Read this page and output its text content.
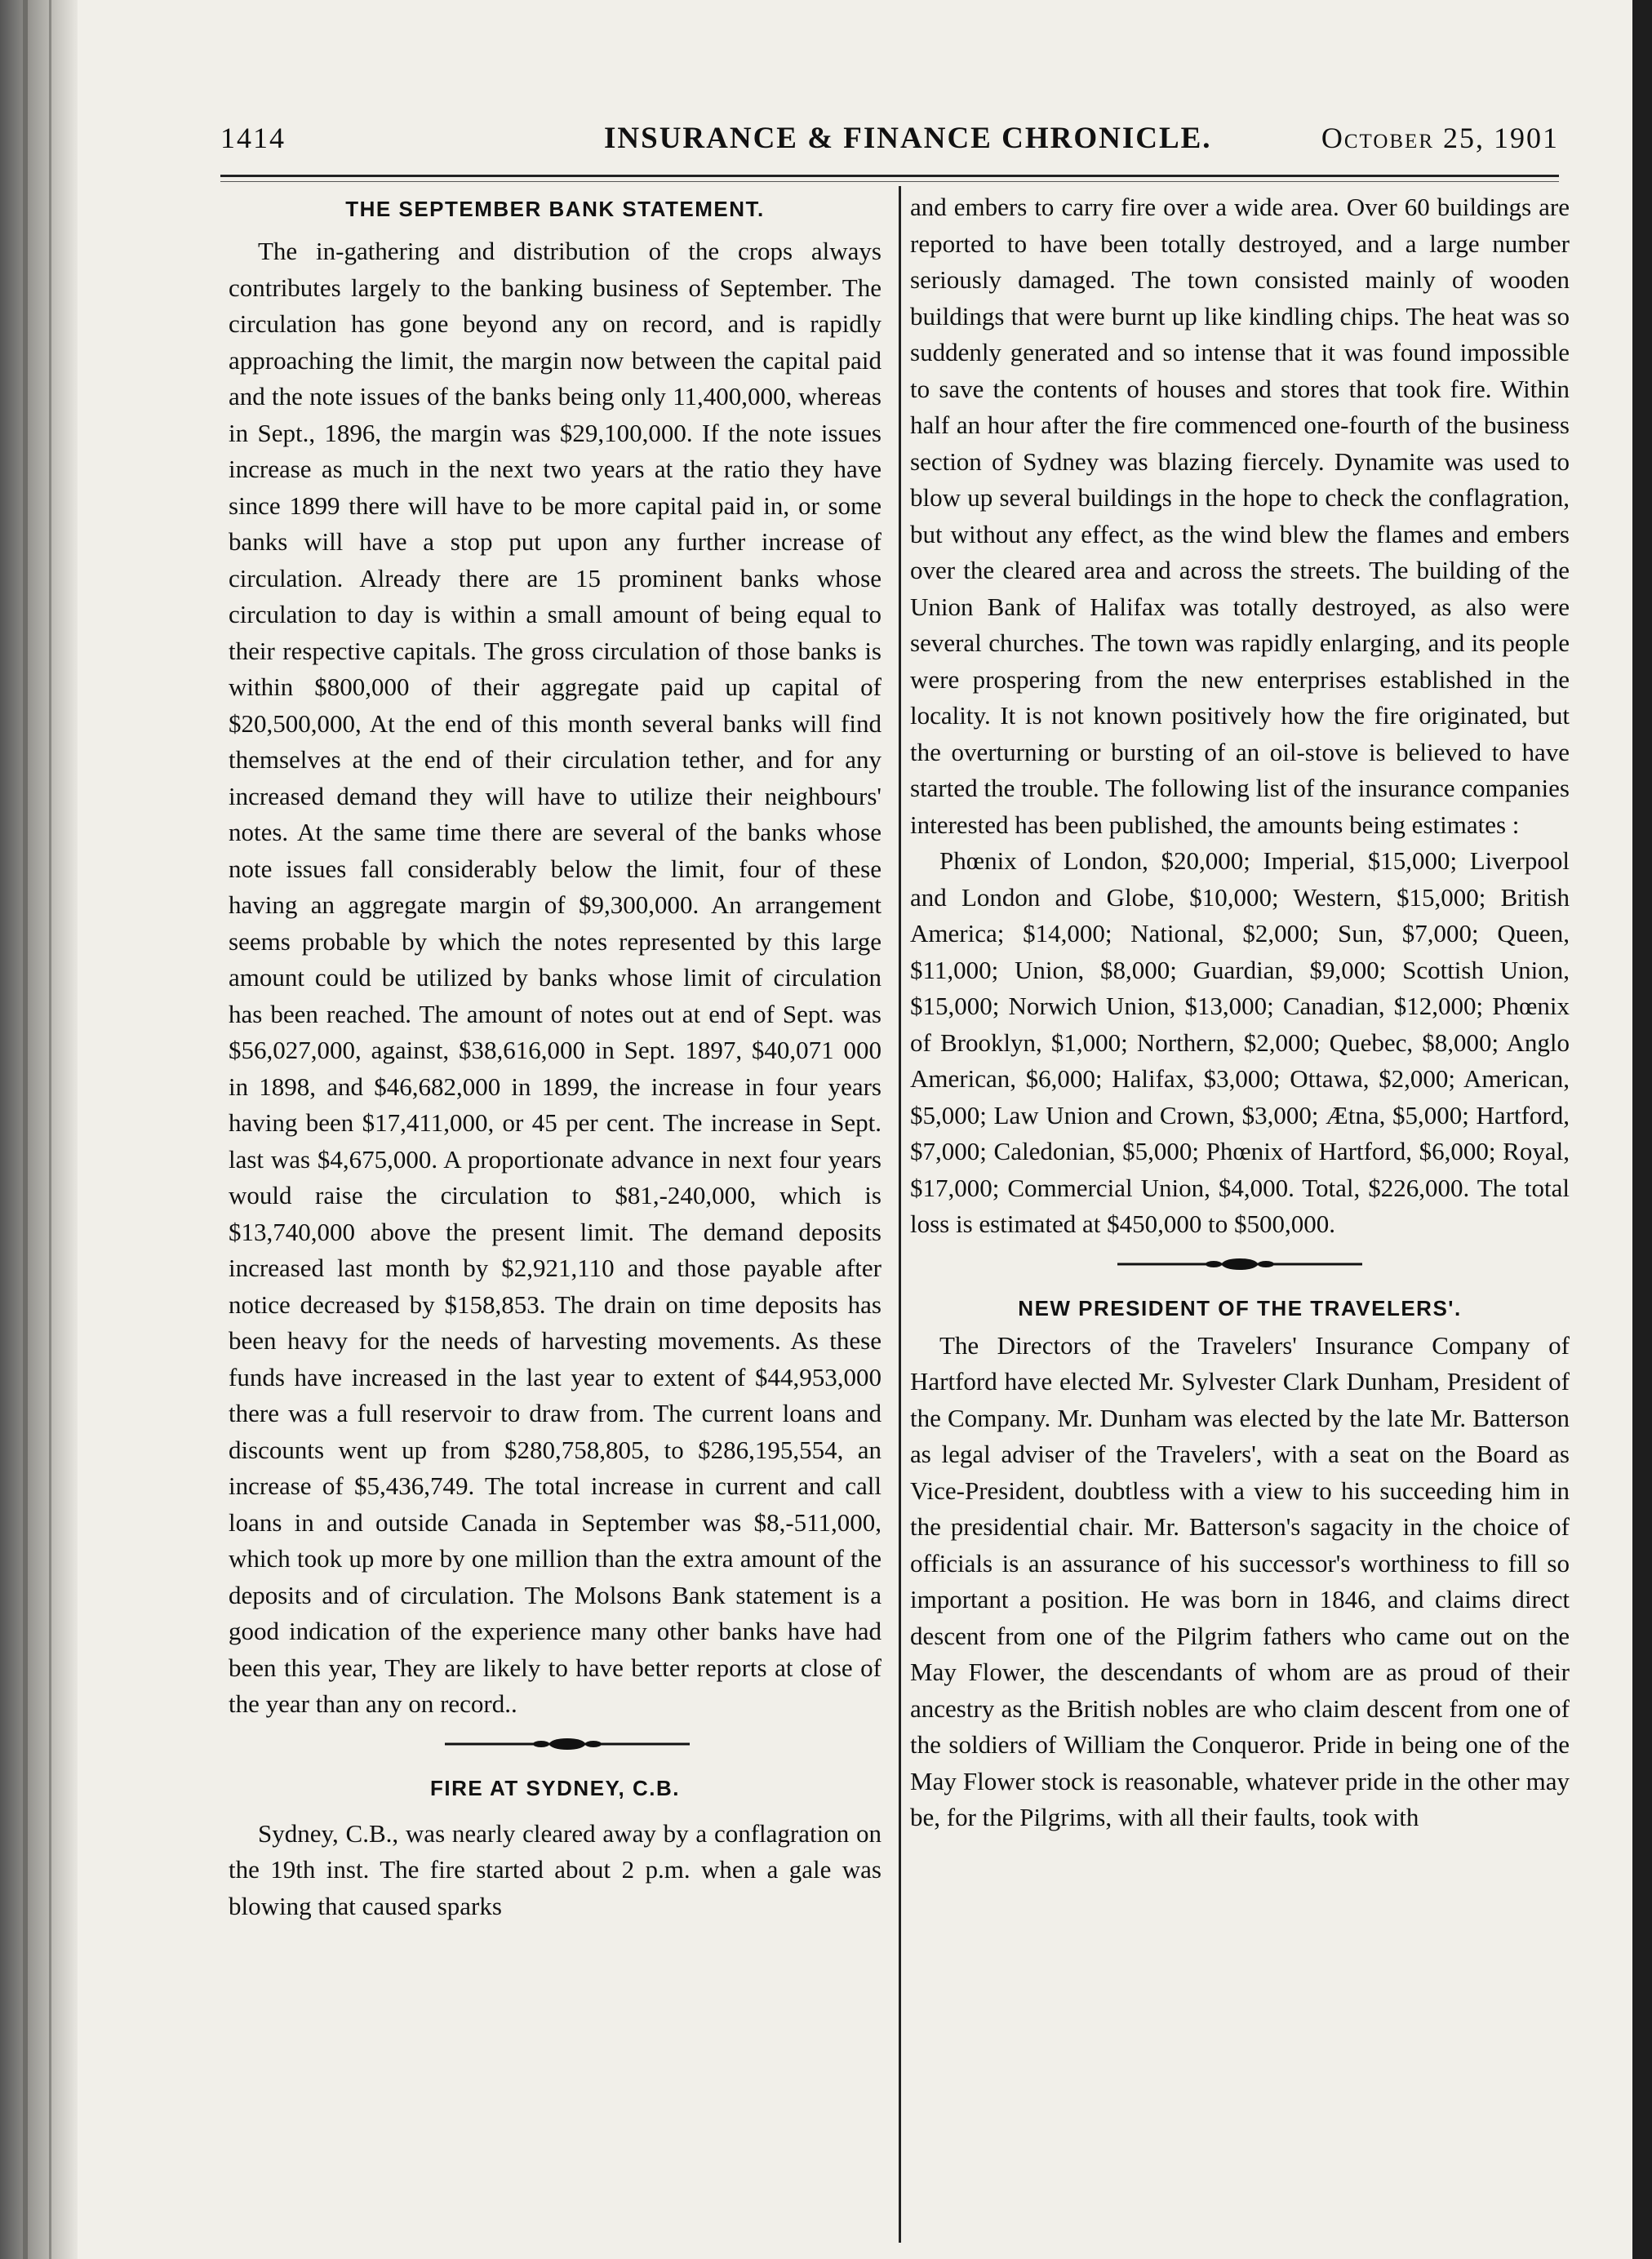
1414	INSURANCE & FINANCE CHRONICLE.	October 25, 1901
THE SEPTEMBER BANK STATEMENT.

The in-gathering and distribution of the crops always contributes largely to the banking business of September. The circulation has gone beyond any on record, and is rapidly approaching the limit, the margin now between the capital paid and the note issues of the banks being only 11,400,000, whereas in Sept., 1896, the margin was $29,100,000. If the note issues increase as much in the next two years at the ratio they have since 1899 there will have to be more capital paid in, or some banks will have a stop put upon any further increase of circulation. Already there are 15 prominent banks whose circulation to day is within a small amount of being equal to their respective capitals. The gross circulation of those banks is within $800,000 of their aggregate paid up capital of $20,500,000, At the end of this month several banks will find themselves at the end of their circulation tether, and for any increased demand they will have to utilize their neighbours' notes. At the same time there are several of the banks whose note issues fall considerably below the limit, four of these having an aggregate margin of $9,300,000. An arrangement seems probable by which the notes represented by this large amount could be utilized by banks whose limit of circulation has been reached. The amount of notes out at end of Sept. was $56,027,000, against, $38,616,000 in Sept. 1897, $40,071 000 in 1898, and $46,682,000 in 1899, the increase in four years having been $17,411,000, or 45 per cent. The increase in Sept. last was $4,675,000. A proportionate advance in next four years would raise the circulation to $81,-240,000, which is $13,740,000 above the present limit. The demand deposits increased last month by $2,921,110 and those payable after notice decreased by $158,853. The drain on time deposits has been heavy for the needs of harvesting movements. As these funds have increased in the last year to extent of $44,953,000 there was a full reservoir to draw from. The current loans and discounts went up from $280,758,805, to $286,195,554, an increase of $5,436,749. The total increase in current and call loans in and outside Canada in September was $8,-511,000, which took up more by one million than the extra amount of the deposits and of circulation. The Molsons Bank statement is a good indication of the experience many other banks have had been this year, They are likely to have better reports at close of the year than any on record..

FIRE AT SYDNEY, C.B.

Sydney, C.B., was nearly cleared away by a conflagration on the 19th inst. The fire started about 2 p.m. when a gale was blowing that caused sparks

and embers to carry fire over a wide area. Over 60 buildings are reported to have been totally destroyed, and a large number seriously damaged. The town consisted mainly of wooden buildings that were burnt up like kindling chips. The heat was so suddenly generated and so intense that it was found impossible to save the contents of houses and stores that took fire. Within half an hour after the fire commenced one-fourth of the business section of Sydney was blazing fiercely. Dynamite was used to blow up several buildings in the hope to check the conflagration, but without any effect, as the wind blew the flames and embers over the cleared area and across the streets. The building of the Union Bank of Halifax was totally destroyed, as also were several churches. The town was rapidly enlarging, and its people were prospering from the new enterprises established in the locality. It is not known positively how the fire originated, but the overturning or bursting of an oil-stove is believed to have started the trouble. The following list of the insurance companies interested has been published, the amounts being estimates :

Phœnix of London, $20,000; Imperial, $15,000; Liverpool and London and Globe, $10,000; Western, $15,000; British America; $14,000; National, $2,000; Sun, $7,000; Queen, $11,000; Union, $8,000; Guardian, $9,000; Scottish Union, $15,000; Norwich Union, $13,000; Canadian, $12,000; Phœnix of Brooklyn, $1,000; Northern, $2,000; Quebec, $8,000; Anglo American, $6,000; Halifax, $3,000; Ottawa, $2,000; American, $5,000; Law Union and Crown, $3,000; Ætna, $5,000; Hartford, $7,000; Caledonian, $5,000; Phœnix of Hartford, $6,000; Royal, $17,000; Commercial Union, $4,000. Total, $226,000. The total loss is estimated at $450,000 to $500,000.

NEW PRESIDENT OF THE TRAVELERS'.

The Directors of the Travelers' Insurance Company of Hartford have elected Mr. Sylvester Clark Dunham, President of the Company. Mr. Dunham was elected by the late Mr. Batterson as legal adviser of the Travelers', with a seat on the Board as Vice-President, doubtless with a view to his succeeding him in the presidential chair. Mr. Batterson's sagacity in the choice of officials is an assurance of his successor's worthiness to fill so important a position. He was born in 1846, and claims direct descent from one of the Pilgrim fathers who came out on the May Flower, the descendants of whom are as proud of their ancestry as the British nobles are who claim descent from one of the soldiers of William the Conqueror. Pride in being one of the May Flower stock is reasonable, whatever pride in the other may be, for the Pilgrims, with all their faults, took with
